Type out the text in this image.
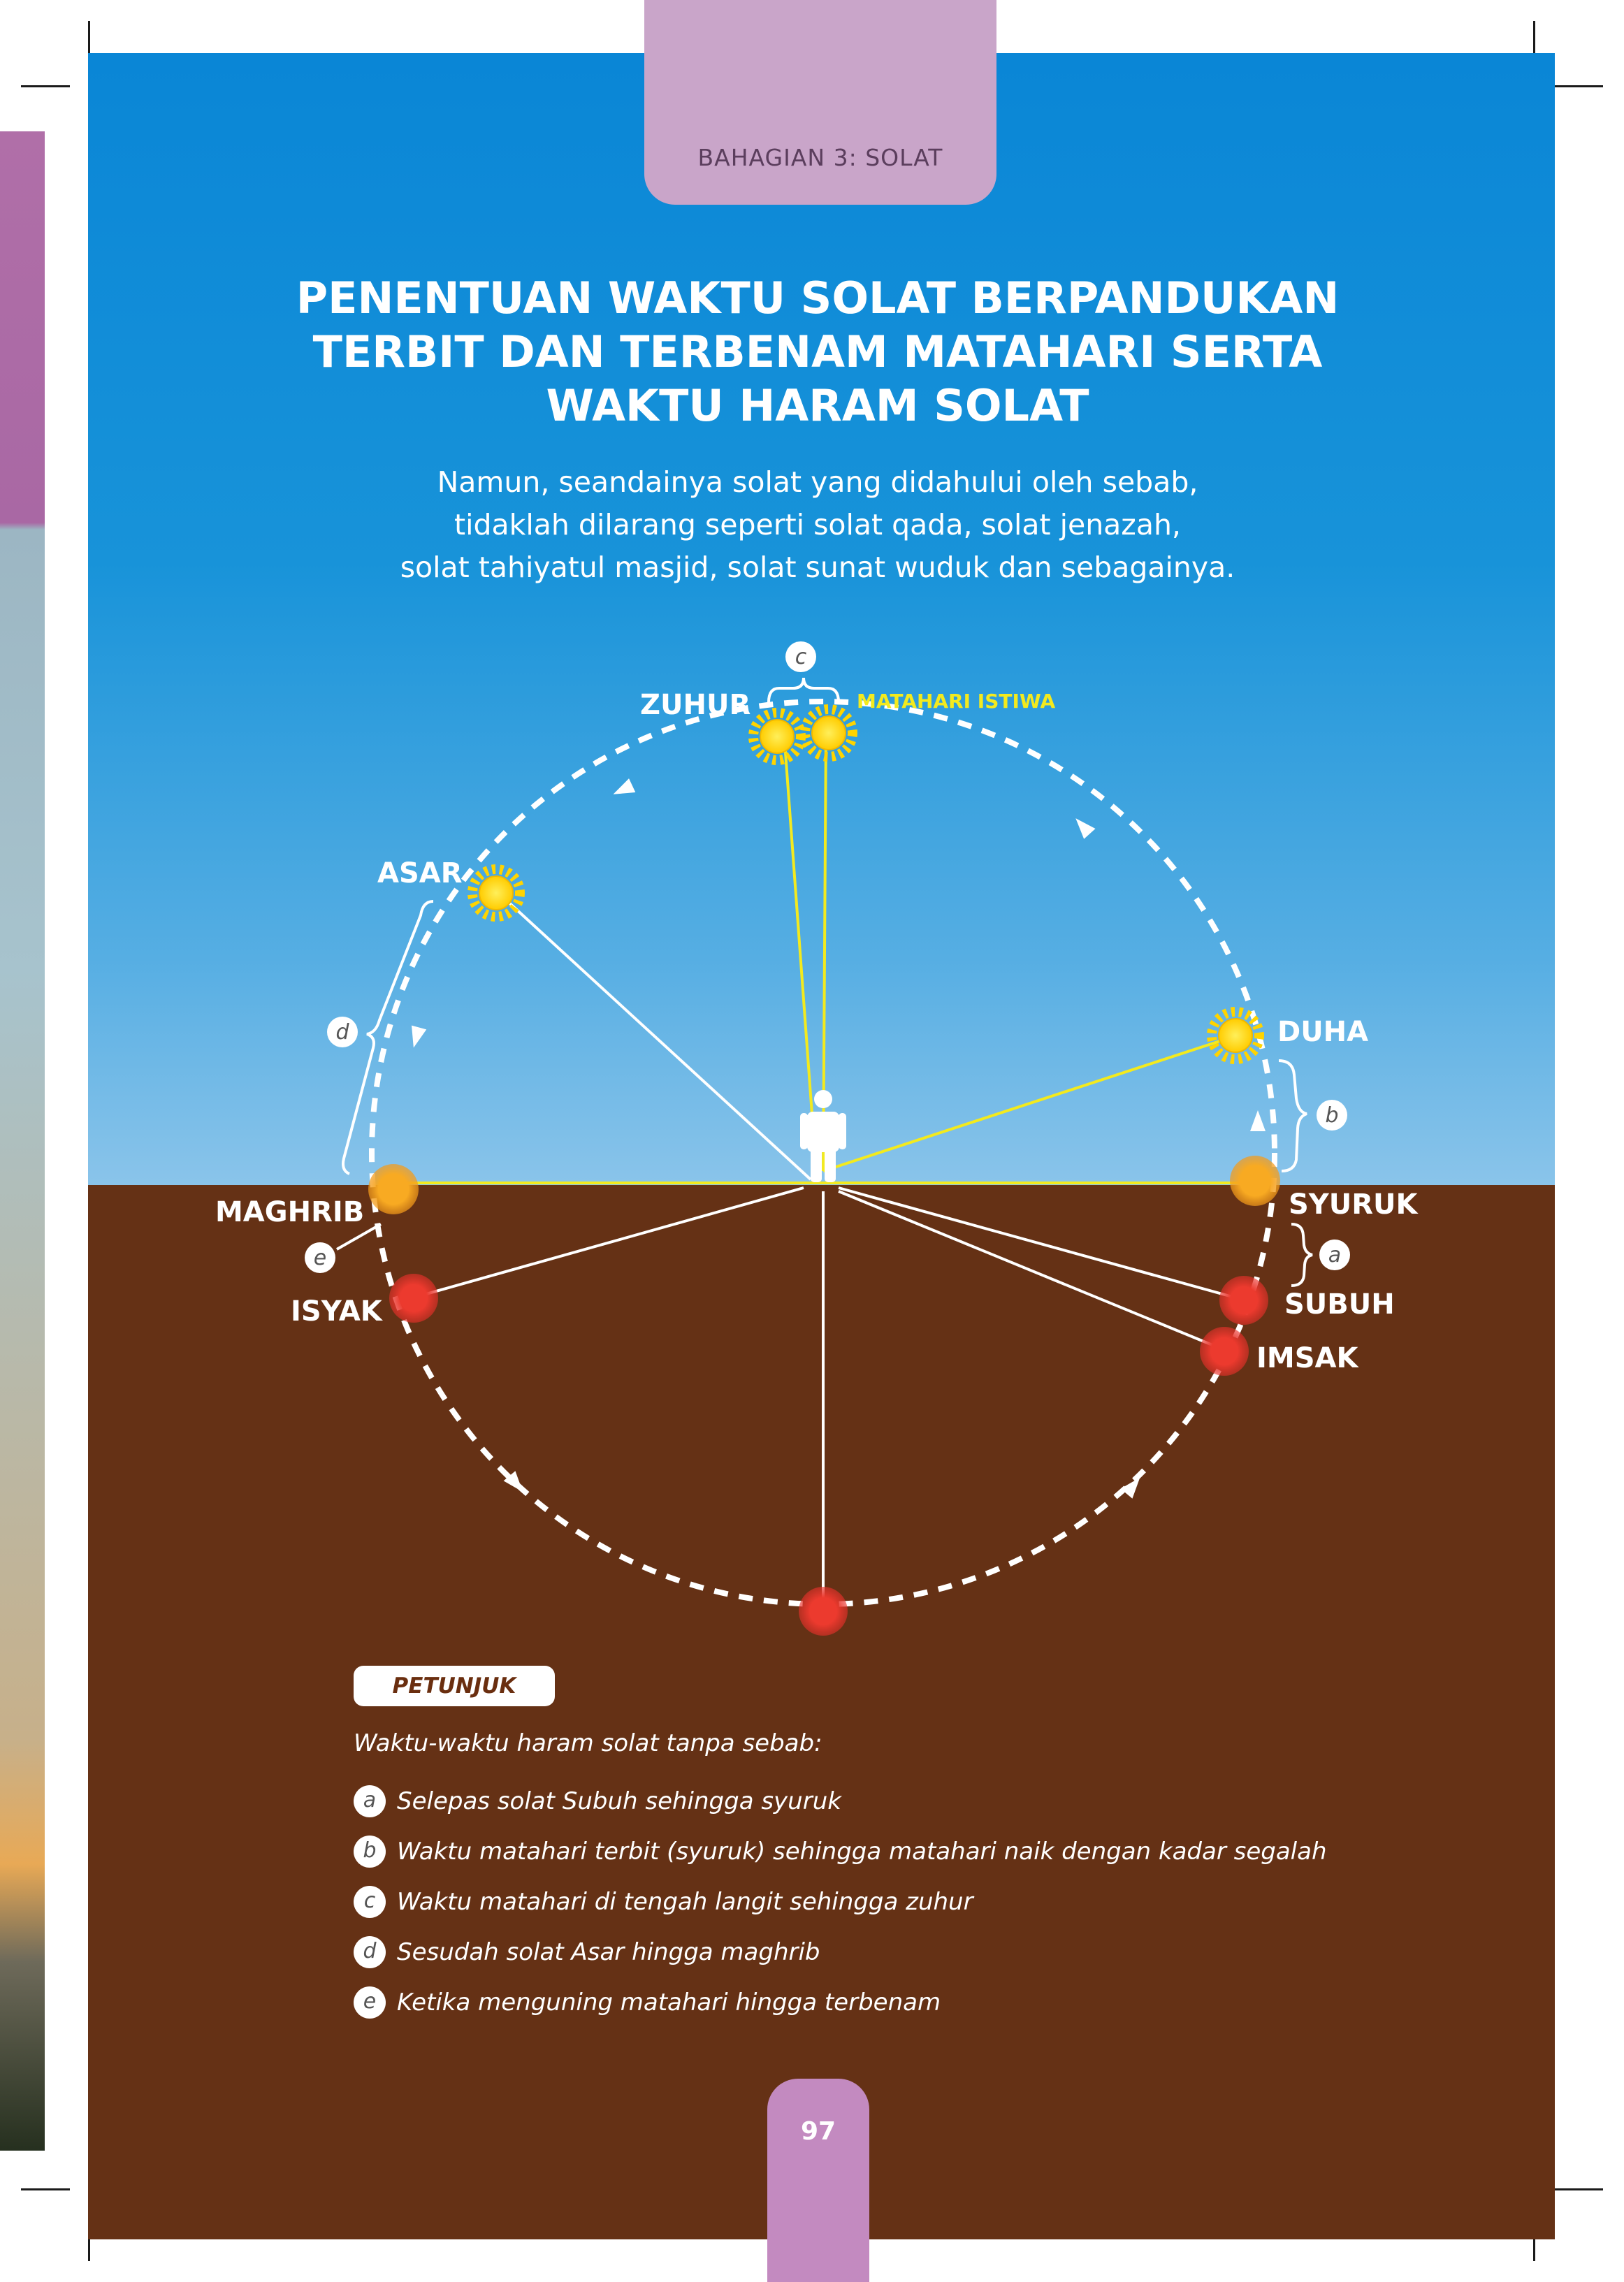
BAHAGIAN 3: SOLAT
PENENTUAN WAKTU SOLAT BERPANDUKAN
TERBIT DAN TERBENAM MATAHARI SERTA
WAKTU HARAM SOLAT
Namun, seandainya solat yang didahului oleh sebab,
tidaklah dilarang seperti solat qada, solat jenazah,
solat tahiyatul masjid, solat sunat wuduk dan sebagainya.
ZUHUR	MATAHARI ISTIWA
ASAR
DUHA
MAGHRIB	SYURUK
ISYAK	SUBUH
IMSAK
c
d
b
a
e
PETUNJUK
Waktu-waktu haram solat tanpa sebab:
a Selepas solat Subuh sehingga syuruk
b Waktu matahari terbit (syuruk) sehingga matahari naik dengan kadar segalah
c Waktu matahari di tengah langit sehingga zuhur
d Sesudah solat Asar hingga maghrib
e Ketika menguning matahari hingga terbenam
97
